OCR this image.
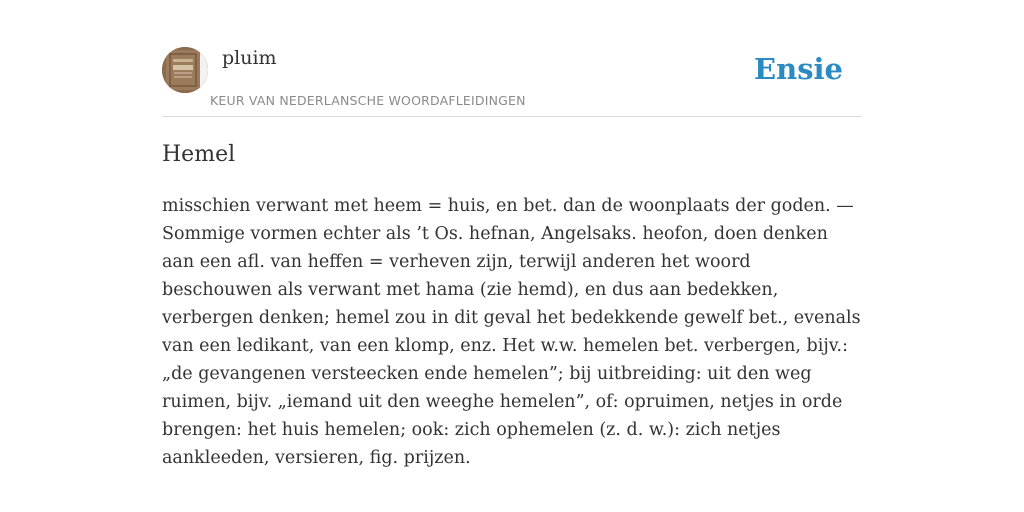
pluim
KEUR VAN NEDERLANSCHE WOORDAFLEIDINGEN
Ensie
Hemel

misschien verwant met heem = huis, en bet. dan de woonplaats der goden. — Sommige vormen echter als ’t Os. hefnan, Angelsaks. heofon, doen denken aan een afl. van heffen = verheven zijn, terwijl anderen het woord beschouwen als verwant met hama (zie hemd), en dus aan bedekken, verbergen denken; hemel zou in dit geval het bedekkende gewelf bet., evenals van een ledikant, van een klomp, enz. Het w.w. hemelen bet. verbergen, bijv.: „de gevangenen versteecken ende hemelen”; bij uitbreiding: uit den weg ruimen, bijv. „iemand uit den weeghe hemelen”, of: opruimen, netjes in orde brengen: het huis hemelen; ook: zich ophemelen (z. d. w.): zich netjes aankleeden, versieren, fig. prijzen.
